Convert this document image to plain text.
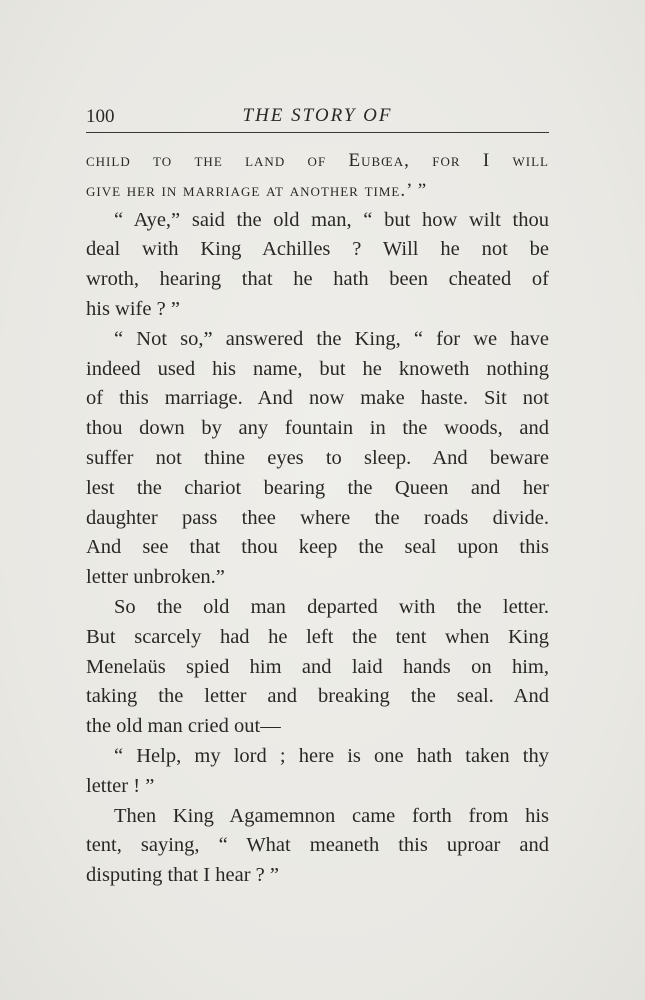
100	THE STORY OF
child to the land of Eubœa, for I will
give her in marriage at another time.’ ”
“ Aye,” said the old man, “ but how wilt thou
deal with King Achilles ? Will he not be
wroth, hearing that he hath been cheated of
his wife ? ”
“ Not so,” answered the King, “ for we have
indeed used his name, but he knoweth nothing
of this marriage. And now make haste. Sit not
thou down by any fountain in the woods, and
suffer not thine eyes to sleep. And beware
lest the chariot bearing the Queen and her
daughter pass thee where the roads divide.
And see that thou keep the seal upon this
letter unbroken.”
So the old man departed with the letter.
But scarcely had he left the tent when King
Menelaüs spied him and laid hands on him,
taking the letter and breaking the seal. And
the old man cried out—
“ Help, my lord ; here is one hath taken thy
letter ! ”
Then King Agamemnon came forth from his
tent, saying, “ What meaneth this uproar and
disputing that I hear ? ”
